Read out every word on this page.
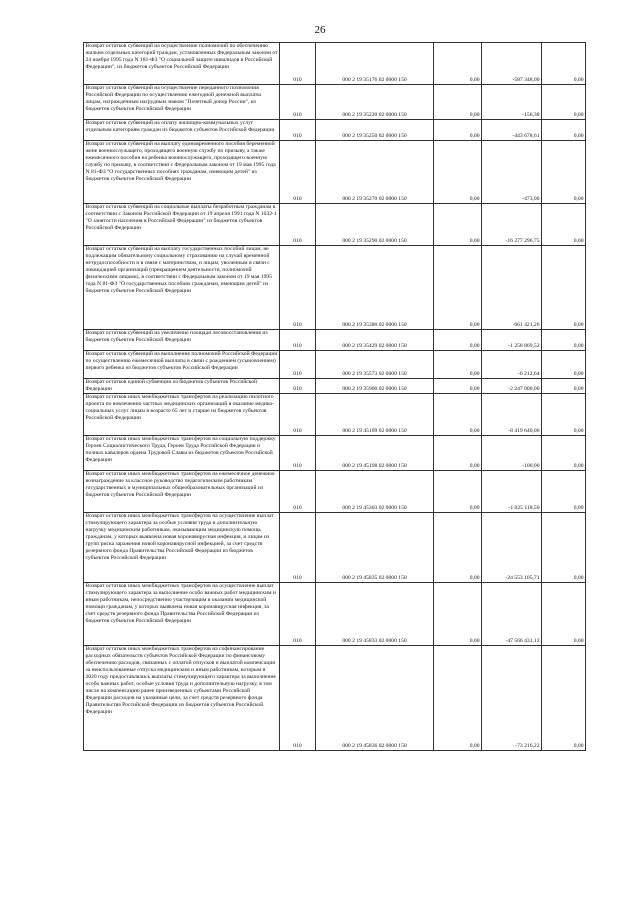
26
Возврат остатков субвенций на осуществление полномочий по обеспечению жильем отдельных категорий граждан, установленных Федеральным законом от 24 ноября 1995 года N 181-ФЗ "О социальной защите инвалидов в Российской Федерации", из бюджетов субъектов Российской Федерации	010	000 2 19 35176 02 0000 150	0,00	-587 348,00	0,00
Возврат остатков субвенций на осуществление переданного полномочия Российской Федерации по осуществлению ежегодной денежной выплаты лицам, награжденным нагрудным знаком "Почетный донор России", из бюджетов субъектов Российской Федерации	010	000 2 19 35220 02 0000 150	0,00	-156,38	0,00
Возврат остатков субвенций на оплату жилищно-коммунальных услуг отдельным категориям граждан из бюджетов субъектов Российской Федерации	010	000 2 19 35250 02 0000 150	0,00	-443 678,61	0,00
Возврат остатков субвенций на выплату единовременного пособия беременной жене военнослужащего, проходящего военную службу по призыву, а также ежемесячного пособия на ребенка военнослужащего, проходящего военную службу по призыву, в соответствии с Федеральным законом от 19 мая 1995 года N 81-ФЗ "О государственных пособиях гражданам, имеющим детей" из бюджетов субъектов Российской Федерации	010	000 2 19 35270 02 0000 150	0,00	-473,00	0,00
Возврат остатков субвенций на социальные выплаты безработным гражданам в соответствии с Законом Российской Федерации от 19 апреля 1991 года N 1032-1 "О занятости населения в Российской Федерации" из бюджетов субъектов Российской Федерации	010	000 2 19 35290 02 0000 150	0,00	-16 277 296,75	0,00
Возврат остатков субвенций на выплату государственных пособий лицам, не подлежащим обязательному социальному страхованию на случай временной нетрудоспособности и в связи с материнством, и лицам, уволенным в связи с ликвидацией организаций (прекращением деятельности, полномочий физическими лицами), в соответствии с Федеральным законом от 19 мая 1995 года N 81-ФЗ "О государственных пособиях гражданам, имеющим детей" из бюджетов субъектов Российской Федерации	010	000 2 19 35380 02 0000 150	0,00	-661 421,26	0,00
Возврат остатков субвенций на увеличение площади лесовосстановления из бюджетов субъектов Российской Федерации	010	000 2 19 35429 02 0000 150	0,00	-1 258 869,52	0,00
Возврат остатков субвенций на выполнение полномочий Российской Федерации по осуществлению ежемесячной выплаты в связи с рождением (усыновлением) первого ребенка из бюджетов субъектов Российской Федерации	010	000 2 19 35573 02 0000 150	0,00	-6 212,64	0,00
Возврат остатков единой субвенции из бюджетов субъектов Российской Федерации	010	000 2 19 35900 02 0000 150	0,00	-2 247 000,00	0,00
Возврат остатков иных межбюджетных трансфертов на реализацию пилотного проекта по вовлечению частных медицинских организаций в оказание медико-социальных услуг лицам в возрасте 65 лет и старше из бюджетов субъектов Российской Федерации	010	000 2 19 45109 02 0000 150	0,00	-8 419 640,06	0,00
Возврат остатков иных межбюджетных трансфертов на социальную поддержку Героев Социалистического Труда, Героев Труда Российской Федерации и полных кавалеров ордена Трудовой Славы из бюджетов субъектов Российской Федерации	010	000 2 19 45198 02 0000 150	0,00	-100,00	0,00
Возврат остатков иных межбюджетных трансфертов на ежемесячное денежное вознаграждение за классное руководство педагогическим работникам государственных и муниципальных общеобразовательных организаций из бюджетов субъектов Российской Федерации	010	000 2 19 45303 02 0000 150	0,00	-1 025 118,50	0,00
Возврат остатков иных межбюджетных трансфертов на осуществление выплат стимулирующего характера за особые условия труда и дополнительную нагрузку медицинским работникам, оказывающим медицинскую помощь гражданам, у которых выявлена новая коронавирусная инфекция, и лицам из групп риска заражения новой коронавирусной инфекцией, за счет средств резервного фонда Правительства Российской Федерации из бюджетов субъектов Российской Федерации	010	000 2 19 45835 02 0000 150	0,00	-24 553 105,71	0,00
Возврат остатков иных межбюджетных трансфертов на осуществление выплат стимулирующего характера за выполнение особо важных работ медицинским и иным работникам, непосредственно участвующим в оказании медицинской помощи гражданам, у которых выявлена новая коронавирусная инфекция, за счет средств резервного фонда Правительства Российской Федерации из бюджетов субъектов Российской Федерации	010	000 2 19 45833 02 0000 150	0,00	-47 566 431,12	0,00
Возврат остатков иных межбюджетных трансфертов на софинансирование расходных обязательств субъектов Российской Федерации по финансовому обеспечению расходов, связанных с оплатой отпусков и выплатой компенсации за неиспользованные отпуска медицинским и иным работникам, которым в 2020 году предоставлялись выплаты стимулирующего характера за выполнение особо важных работ, особые условия труда и дополнительную нагрузку, в том числе на компенсацию ранее произведенных субъектами Российской Федерации расходов на указанные цели, за счет средств резервного фонда Правительства Российской Федерации из бюджетов субъектов Российской Федерации	010	000 2 19 45836 02 0000 150	0,00	-73 216,22	0,00
